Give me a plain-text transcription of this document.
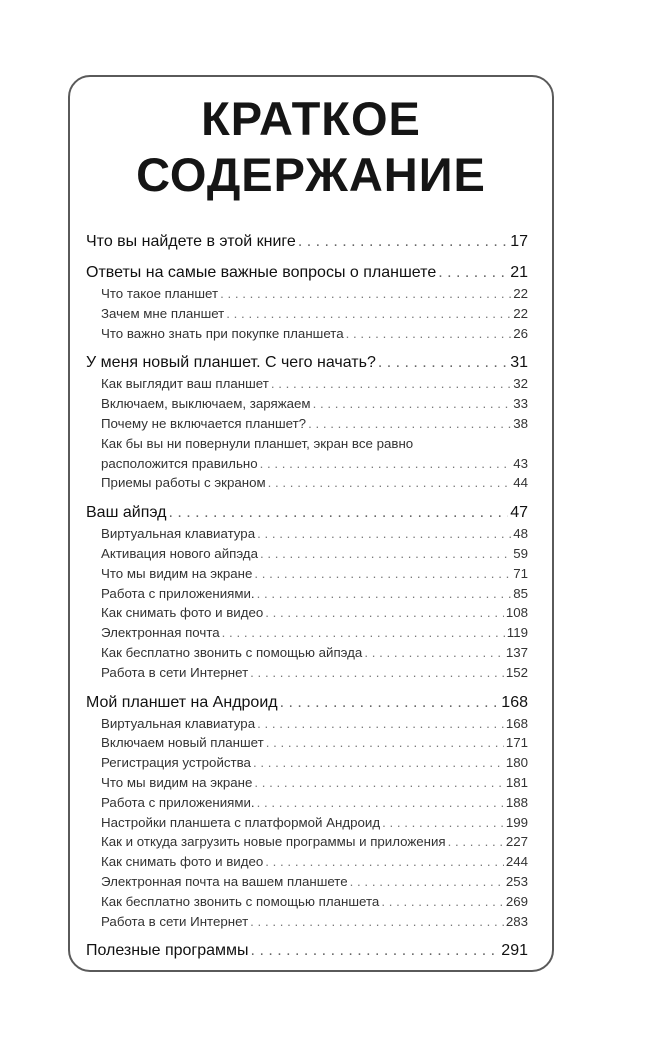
КРАТКОЕ
СОДЕРЖАНИЕ
Что вы найдете в этой книге . . .	17
Ответы на самые важные вопросы о планшете . . .	21
Что такое планшет . . .	22
Зачем мне планшет . . .	22
Что важно знать при покупке планшета . . .	26
У меня новый планшет. С чего начать? . . .	31
Как выглядит ваш планшет . . .	32
Включаем, выключаем, заряжаем . . .	33
Почему не включается планшет? . . .	38
Как бы вы ни повернули планшет, экран все равно
расположится правильно . . .	43
Приемы работы с экраном . . .	44
Ваш айпэд . . .	47
Виртуальная клавиатура . . .	48
Активация нового айпэда . . .	59
Что мы видим на экране . . .	71
Работа с приложениями. . . .	85
Как снимать фото и видео . . .	108
Электронная почта . . .	119
Как бесплатно звонить с помощью айпэда . . .	137
Работа в сети Интернет . . .	152
Мой планшет на Андроид . . .	168
Виртуальная клавиатура . . .	168
Включаем новый планшет . . .	171
Регистрация устройства . . .	180
Что мы видим на экране . . .	181
Работа с приложениями. . . .	188
Настройки планшета с платформой Андроид . . .	199
Как и откуда загрузить новые программы и приложения . . .	227
Как снимать фото и видео . . .	244
Электронная почта на вашем планшете . . .	253
Как бесплатно звонить с помощью планшета . . .	269
Работа в сети Интернет . . .	283
Полезные программы . . .	291
